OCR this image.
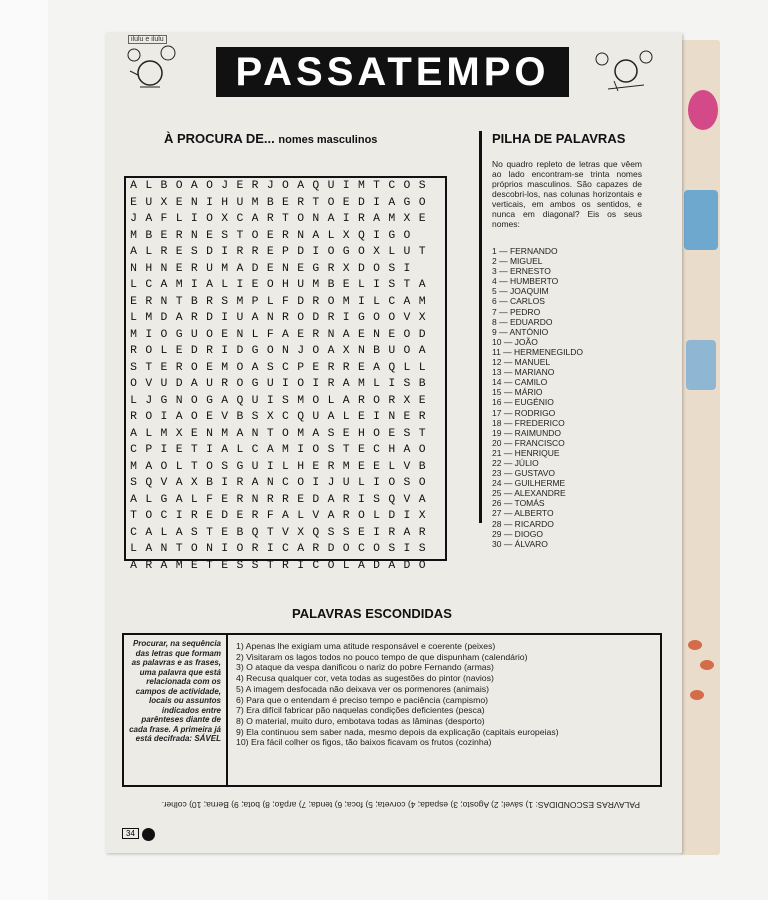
ilulu e ilulu
PASSATEMPO
À PROCURA DE... nomes masculinos
A L B O A O J E R J O A Q U I M T C O S
E U X E N I H U M B E R T O E D I A G O
J A F L I O X C A R T O N A I R A M X E
M B E R N E S T O E R N A L X Q I G O
A L R E S D I R R E P D I O G O X L U T
N H N E R U M A D E N E G R X D O S I
L C A M I A L I E O H U M B E L I S T A
E R N T B R S M P L F D R O M I L C A M
L M D A R D I U A N R O D R I G O O V X
M I O G U O E N L F A E R N A E N E O D
R O L E D R I D G O N J O A X N B U O A
S T E R O E M O A S C P E R R E A Q L L
O V U D A U R O G U I O I R A M L I S B
L J G N O G A Q U I S M O L A R O R X E
R O I A O E V B S X C Q U A L E I N E R
A L M X E N M A N T O M A S E H O E S T
C P I E T I A L C A M I O S T E C H A O
M A O L T O S G U I L H E R M E E L V B
S Q V A X B I R A N C O I J U L I O S O
A L G A L F E R N R R E D A R I S Q V A
T O C I R E D E R F A L V A R O L D I X
C A L A S T E B Q T V X Q S S E I R A R
L A N T O N I O R I C A R D O C O S I S
A R A M E T E S S T R I C O L A D A D O
PILHA DE PALAVRAS
No quadro repleto de letras que vêem ao lado encontram-se trinta nomes próprios masculinos. São capazes de descobri-los, nas colunas horizontais e verticais, em ambos os sentidos, e nunca em diagonal? Eis os seus nomes:
1 — FERNANDO
2 — MIGUEL
3 — ERNESTO
4 — HUMBERTO
5 — JOAQUIM
6 — CARLOS
7 — PEDRO
8 — EDUARDO
9 — ANTÓNIO
10 — JOÃO
11 — HERMENEGILDO
12 — MANUEL
13 — MARIANO
14 — CAMILO
15 — MÁRIO
16 — EUGÉNIO
17 — RODRIGO
18 — FREDERICO
19 — RAIMUNDO
20 — FRANCISCO
21 — HENRIQUE
22 — JÚLIO
23 — GUSTAVO
24 — GUILHERME
25 — ALEXANDRE
26 — TOMÁS
27 — ALBERTO
28 — RICARDO
29 — DIOGO
30 — ÁLVARO
PALAVRAS ESCONDIDAS
Procurar, na sequência das letras que formam as palavras e as frases, uma palavra que está relacionada com os campos de actividade, locais ou assuntos indicados entre parênteses diante de cada frase. A primeira já está decifrada: SÁVEL
1) Apenas lhe exigiam uma atitude responsável e coerente (peixes)
2) Visitaram os lagos todos no pouco tempo de que dispunham (calendário)
3) O ataque da vespa danificou o nariz do pobre Fernando (armas)
4) Recusa qualquer cor, veta todas as sugestões do pintor (navios)
5) A imagem desfocada não deixava ver os pormenores (animais)
6) Para que o entendam é preciso tempo e paciência (campismo)
7) Era difícil fabricar pão naquelas condições deficientes (pesca)
8) O material, muito duro, embotava todas as lâminas (desporto)
9) Ela continuou sem saber nada, mesmo depois da explicação (capitais europeias)
10) Era fácil colher os figos, tão baixos ficavam os frutos (cozinha)
PALAVRAS ESCONDIDAS: 1) sável; 2) Agosto; 3) espada; 4) corveta; 5) foca; 6) tenda; 7) arpão; 8) bota; 9) Berna; 10) colher.
34
